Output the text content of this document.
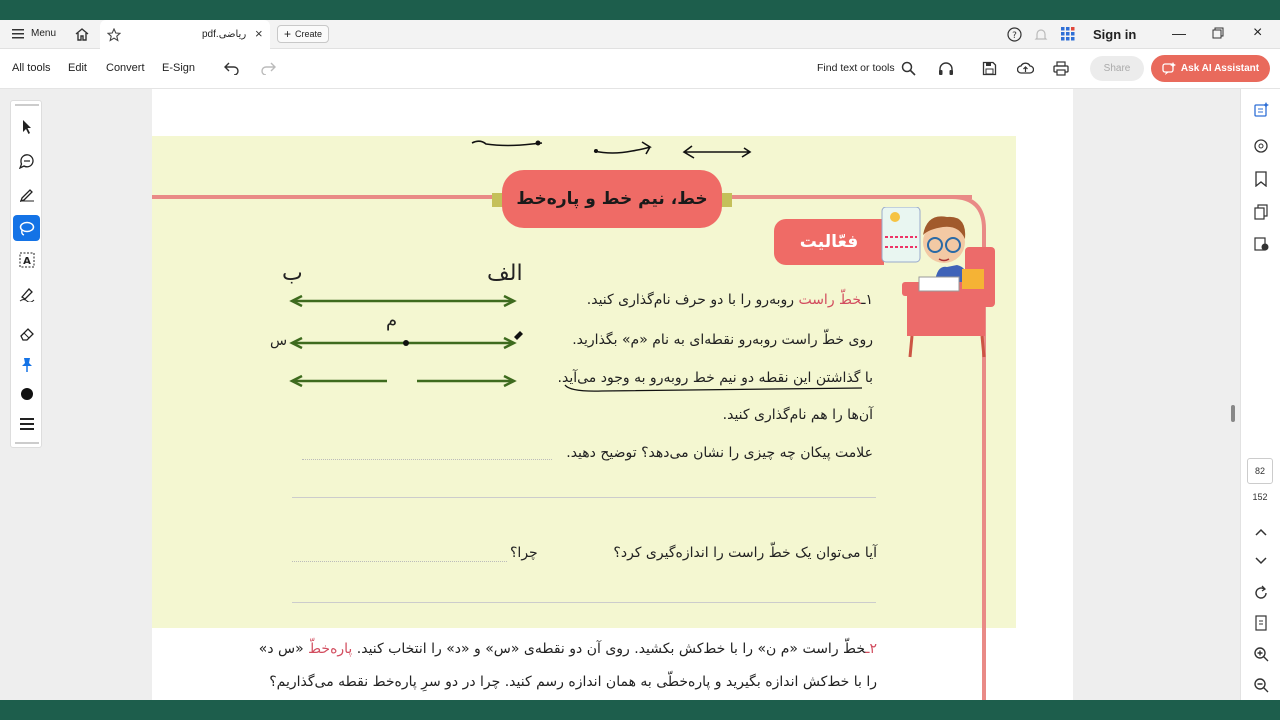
Menu	pdf.ریاضی × + Create	?	Sign in	—	×
All tools Edit Convert E-Sign	Find text or tools	Share	Ask AI Assistant
A
خط، نیم خط و پاره‌خط
فعّالیت
ب	الف
م
س
۱ـخطّ راست روبه‌رو را با دو حرف نام‌گذاری کنید.
روی خطّ راست روبه‌رو نقطه‌ای به نام «م» بگذارید.
با گذاشتن این نقطه دو نیم خط روبه‌رو به وجود می‌آید.
آن‌ها را هم نام‌گذاری کنید.
علامت پیکان چه چیزی را نشان می‌دهد؟ توضیح دهید.
آیا می‌توان یک خطّ راست را اندازه‌گیری کرد؟
چرا؟
۲ـخطّ راست «م ن» را با خط‌کش بکشید. روی آن دو نقطه‌ی «س» و «د» را انتخاب کنید. پاره‌خطّ «س د»
را با خط‌کش اندازه بگیرید و پاره‌خطّی به همان اندازه رسم کنید. چرا در دو سرِ پاره‌خط نقطه می‌گذاریم؟
82
152
